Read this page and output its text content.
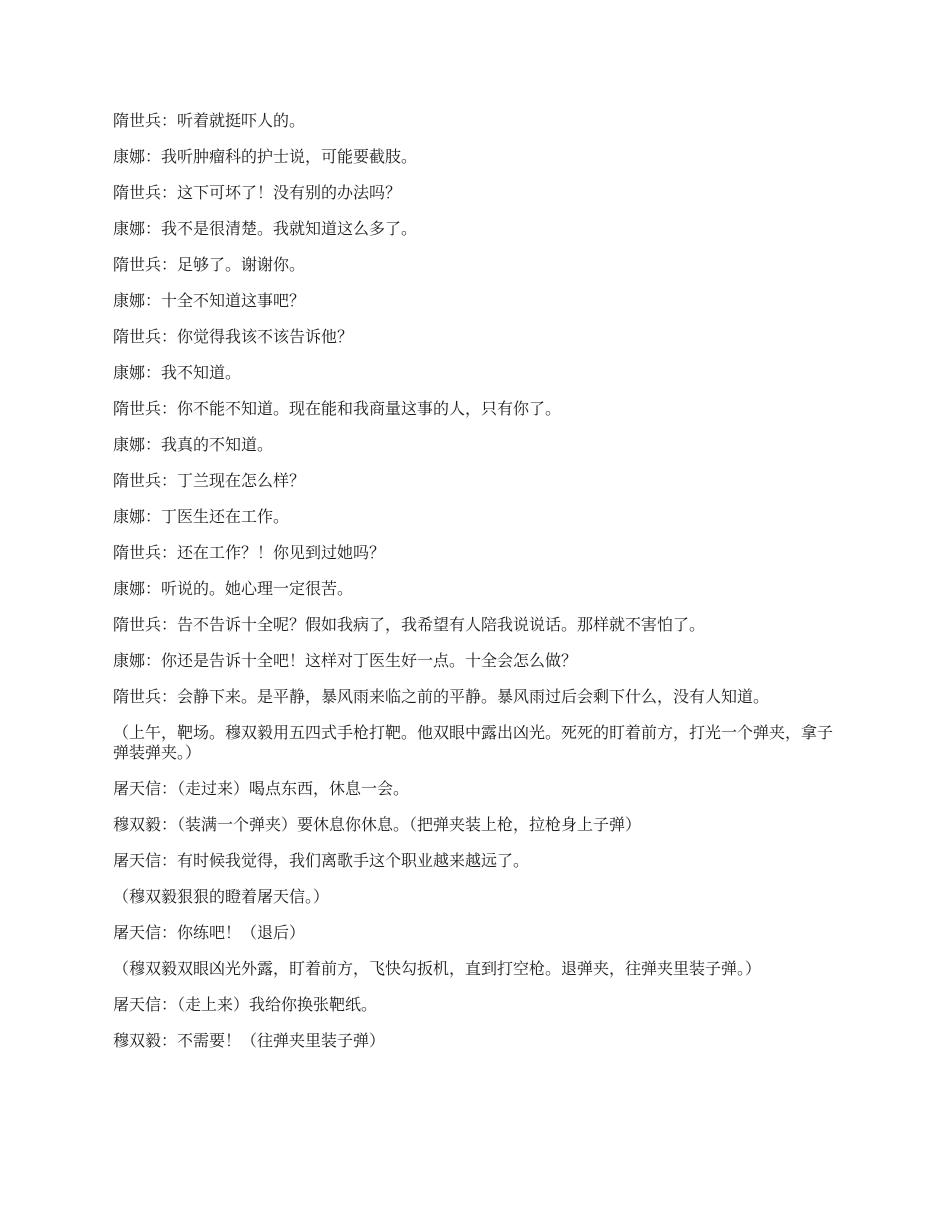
隋世兵：听着就挺吓人的。

康娜：我听肿瘤科的护士说，可能要截肢。

隋世兵：这下可坏了！没有别的办法吗？

康娜：我不是很清楚。我就知道这么多了。

隋世兵：足够了。谢谢你。

康娜：十全不知道这事吧？

隋世兵：你觉得我该不该告诉他？

康娜：我不知道。

隋世兵：你不能不知道。现在能和我商量这事的人，只有你了。

康娜：我真的不知道。

隋世兵：丁兰现在怎么样？

康娜：丁医生还在工作。

隋世兵：还在工作？！你见到过她吗？

康娜：听说的。她心理一定很苦。

隋世兵：告不告诉十全呢？假如我病了，我希望有人陪我说说话。那样就不害怕了。

康娜：你还是告诉十全吧！这样对丁医生好一点。十全会怎么做？

隋世兵：会静下来。是平静，暴风雨来临之前的平静。暴风雨过后会剩下什么，没有人知道。

（上午，靶场。穆双毅用五四式手枪打靶。他双眼中露出凶光。死死的盯着前方，打光一个弹夹，拿子弹装弹夹。）

屠天信：（走过来）喝点东西，休息一会。

穆双毅：（装满一个弹夹）要休息你休息。（把弹夹装上枪，拉枪身上子弹）

屠天信：有时候我觉得，我们离歌手这个职业越来越远了。

（穆双毅狠狠的瞪着屠天信。）

屠天信：你练吧！（退后）

（穆双毅双眼凶光外露，盯着前方，飞快勾扳机，直到打空枪。退弹夹，往弹夹里装子弹。）

屠天信：（走上来）我给你换张靶纸。

穆双毅：不需要！（往弹夹里装子弹）
